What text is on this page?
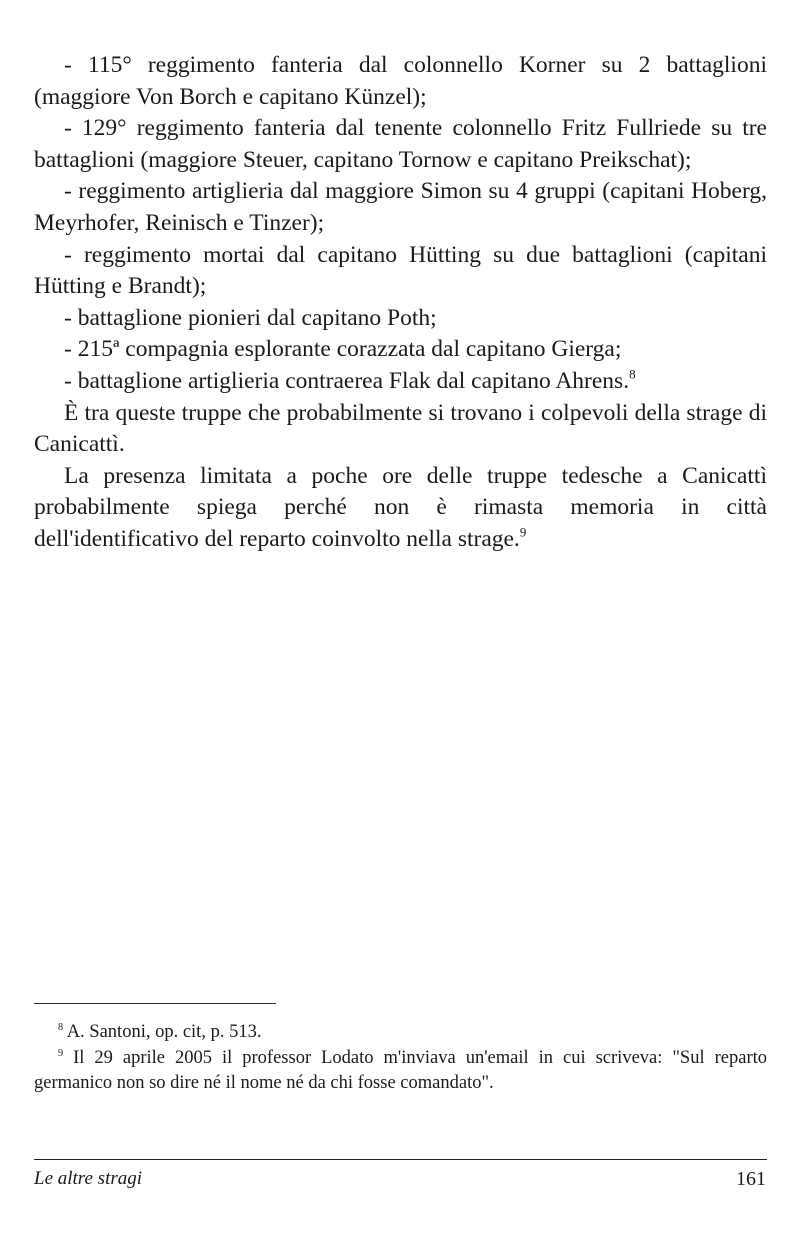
- 115° reggimento fanteria dal colonnello Korner su 2 battaglioni (maggiore Von Borch e capitano Künzel);

- 129° reggimento fanteria dal tenente colonnello Fritz Fullriede su tre battaglioni (maggiore Steuer, capitano Tornow e capitano Preikschat);

- reggimento artiglieria dal maggiore Simon su 4 gruppi (capitani Hoberg, Meyrhofer, Reinisch e Tinzer);

- reggimento mortai dal capitano Hütting su due battaglioni (capitani Hütting e Brandt);

- battaglione pionieri dal capitano Poth;

- 215ª compagnia esplorante corazzata dal capitano Gierga;

- battaglione artiglieria contraerea Flak dal capitano Ahrens.$^8$

È tra queste truppe che probabilmente si trovano i colpevoli della strage di Canicattì.

La presenza limitata a poche ore delle truppe tedesche a Canicattì probabilmente spiega perché non è rimasta memoria in città dell'identificativo del reparto coinvolto nella strage.$^9$

$^8$ A. Santoni, op. cit, p. 513.

$^9$ Il 29 aprile 2005 il professor Lodato m'inviava un'email in cui scriveva: "Sul reparto germanico non so dire né il nome né da chi fosse comandato".

Le altre stragi	161
